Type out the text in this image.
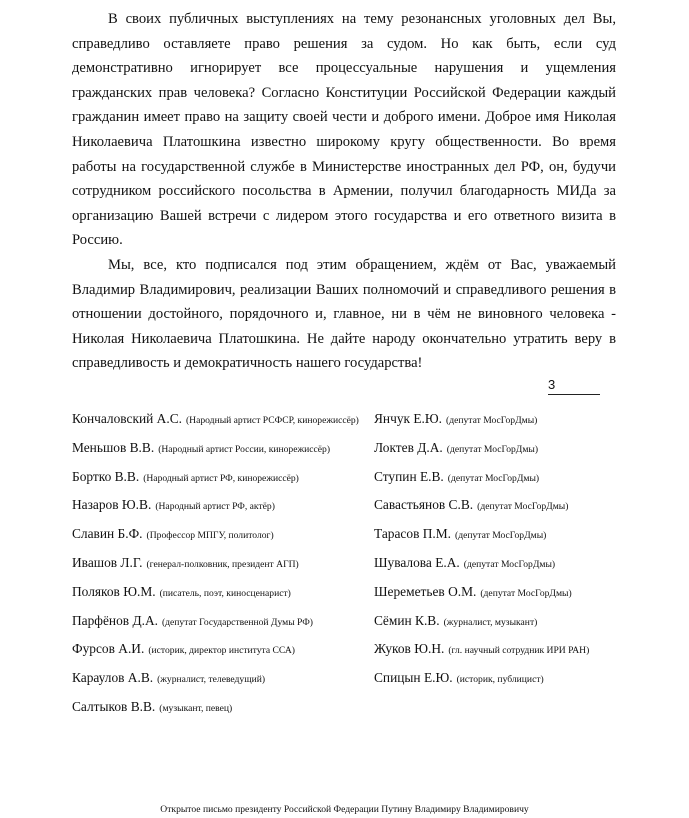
В своих публичных выступлениях на тему резонансных уголовных дел Вы, справедливо оставляете право решения за судом. Но как быть, если суд демонстративно игнорирует все процессуальные нарушения и ущемления гражданских прав человека? Согласно Конституции Российской Федерации каждый гражданин имеет право на защиту своей чести и доброго имени. Доброе имя Николая Николаевича Платошкина известно широкому кругу общественности. Во время работы на государственной службе в Министерстве иностранных дел РФ, он, будучи сотрудником российского посольства в Армении, получил благодарность МИДа за организацию Вашей встречи с лидером этого государства и его ответного визита в Россию.

Мы, все, кто подписался под этим обращением, ждём от Вас, уважаемый Владимир Владимирович, реализации Ваших полномочий и справедливого решения в отношении достойного, порядочного и, главное, ни в чём не виновного человека - Николая Николаевича Платошкина. Не дайте народу окончательно утратить веру в справедливость и демократичность нашего государства!

3
Кончаловский А.С. (Народный артист РСФСР, кинорежиссёр)
Меньшов В.В. (Народный артист России, кинорежиссёр)
Бортко В.В. (Народный артист РФ, кинорежиссёр)
Назаров Ю.В. (Народный артист РФ, актёр)
Славин Б.Ф. (Профессор МПГУ, политолог)
Ивашов Л.Г. (генерал-полковник, президент АГП)
Поляков Ю.М. (писатель, поэт, киносценарист)
Парфёнов Д.А. (депутат Государственной Думы РФ)
Фурсов А.И. (историк, директор института ССА)
Караулов А.В. (журналист, телеведущий)
Салтыков В.В. (музыкант, певец)
Янчук Е.Ю. (депутат МосГорДмы)
Локтев Д.А. (депутат МосГорДмы)
Ступин Е.В. (депутат МосГорДмы)
Савастьянов С.В. (депутат МосГорДмы)
Тарасов П.М. (депутат МосГорДмы)
Шувалова Е.А. (депутат МосГорДмы)
Шереметьев О.М. (депутат МосГорДмы)
Сёмин К.В. (журналист, музыкант)
Жуков Ю.Н. (гл. научный сотрудник ИРИ РАН)
Спицын Е.Ю. (историк, публицист)
Открытое письмо президенту Российской Федерации Путину Владимиру Владимировичу
